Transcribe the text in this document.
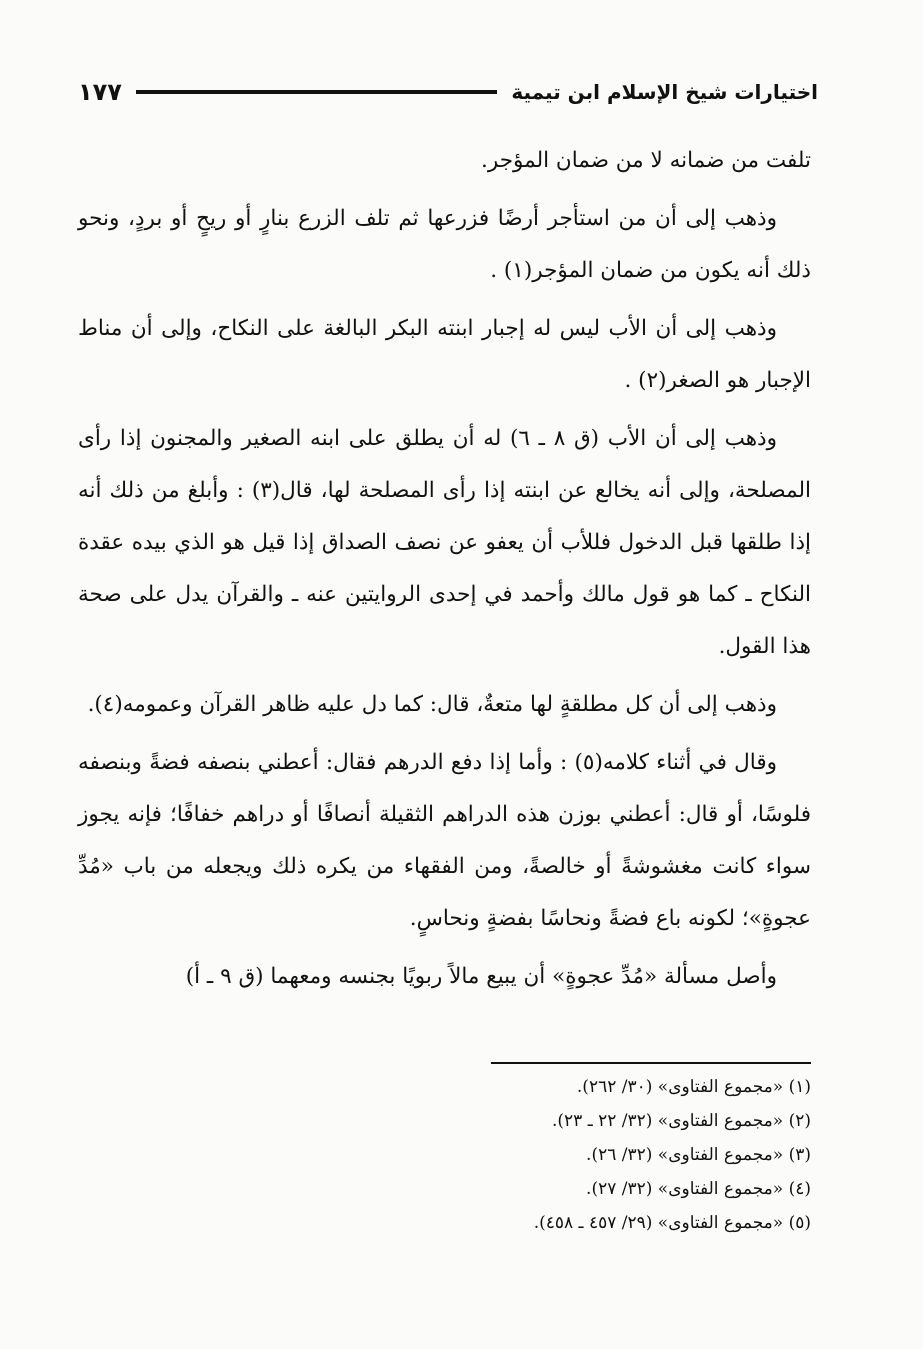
اختيارات شيخ الإسلام ابن تيمية
١٧٧

تلفت من ضمانه لا من ضمان المؤجر.

وذهب إلى أن من استأجر أرضًا فزرعها ثم تلف الزرع بنارٍ أو ريحٍ أو بردٍ، ونحو ذلك أنه يكون من ضمان المؤجر(١) .

وذهب إلى أن الأب ليس له إجبار ابنته البكر البالغة على النكاح، وإلى أن مناط الإجبار هو الصغر(٢) .

وذهب إلى أن الأب (ق ٨ ـ ٦) له أن يطلق على ابنه الصغير والمجنون إذا رأى المصلحة، وإلى أنه يخالع عن ابنته إذا رأى المصلحة لها، قال(٣) : وأبلغ من ذلك أنه إذا طلقها قبل الدخول فللأب أن يعفو عن نصف الصداق إذا قيل هو الذي بيده عقدة النكاح ـ كما هو قول مالك وأحمد في إحدى الروايتين عنه ـ والقرآن يدل على صحة هذا القول.

وذهب إلى أن كل مطلقةٍ لها متعةٌ، قال: كما دل عليه ظاهر القرآن وعمومه(٤).

وقال في أثناء كلامه(٥) : وأما إذا دفع الدرهم فقال: أعطني بنصفه فضةً وبنصفه فلوسًا، أو قال: أعطني بوزن هذه الدراهم الثقيلة أنصافًا أو دراهم خفافًا؛ فإنه يجوز سواء كانت مغشوشةً أو خالصةً، ومن الفقهاء من يكره ذلك ويجعله من باب «مُدِّ عجوةٍ»؛ لكونه باع فضةً ونحاسًا بفضةٍ ونحاسٍ.

وأصل مسألة «مُدِّ عجوةٍ» أن يبيع مالاً ربويًا بجنسه ومعهما (ق ٩ ـ أ)

(١) «مجموع الفتاوى» (٣٠/ ٢٦٢).
(٢) «مجموع الفتاوى» (٣٢/ ٢٢ ـ ٢٣).
(٣) «مجموع الفتاوى» (٣٢/ ٢٦).
(٤) «مجموع الفتاوى» (٣٢/ ٢٧).
(٥) «مجموع الفتاوى» (٢٩/ ٤٥٧ ـ ٤٥٨).
